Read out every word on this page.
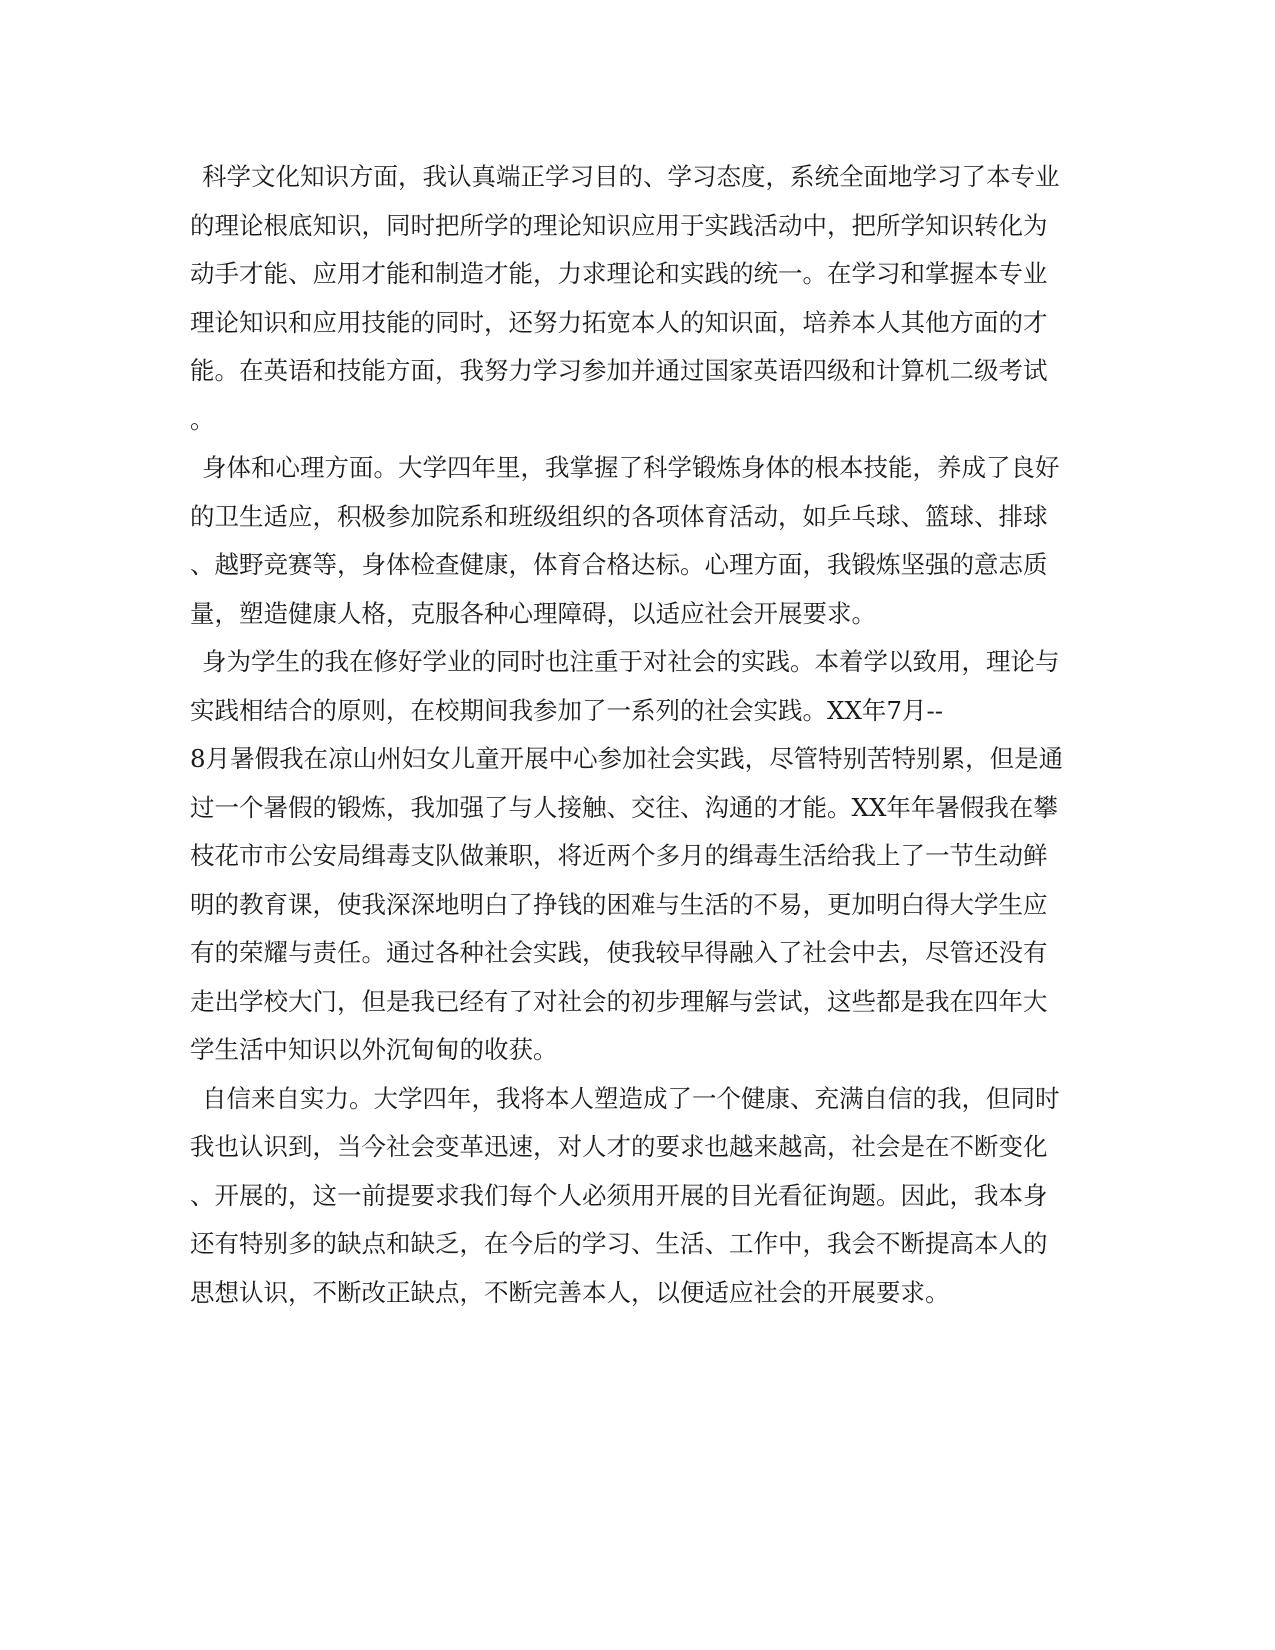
科学文化知识方面，我认真端正学习目的、学习态度，系统全面地学习了本专业
的理论根底知识，同时把所学的理论知识应用于实践活动中，把所学知识转化为
动手才能、应用才能和制造才能，力求理论和实践的统一。在学习和掌握本专业
理论知识和应用技能的同时，还努力拓宽本人的知识面，培养本人其他方面的才
能。在英语和技能方面，我努力学习参加并通过国家英语四级和计算机二级考试
。
身体和心理方面。大学四年里，我掌握了科学锻炼身体的根本技能，养成了良好
的卫生适应，积极参加院系和班级组织的各项体育活动，如乒乓球、篮球、排球
、越野竞赛等，身体检查健康，体育合格达标。心理方面，我锻炼坚强的意志质
量，塑造健康人格，克服各种心理障碍，以适应社会开展要求。
身为学生的我在修好学业的同时也注重于对社会的实践。本着学以致用，理论与
实践相结合的原则，在校期间我参加了一系列的社会实践。XX年7月--
8月暑假我在凉山州妇女儿童开展中心参加社会实践，尽管特别苦特别累，但是通
过一个暑假的锻炼，我加强了与人接触、交往、沟通的才能。XX年年暑假我在攀
枝花市市公安局缉毒支队做兼职，将近两个多月的缉毒生活给我上了一节生动鲜
明的教育课，使我深深地明白了挣钱的困难与生活的不易，更加明白得大学生应
有的荣耀与责任。通过各种社会实践，使我较早得融入了社会中去，尽管还没有
走出学校大门，但是我已经有了对社会的初步理解与尝试，这些都是我在四年大
学生活中知识以外沉甸甸的收获。
自信来自实力。大学四年，我将本人塑造成了一个健康、充满自信的我，但同时
我也认识到，当今社会变革迅速，对人才的要求也越来越高，社会是在不断变化
、开展的，这一前提要求我们每个人必须用开展的目光看征询题。因此，我本身
还有特别多的缺点和缺乏，在今后的学习、生活、工作中，我会不断提高本人的
思想认识，不断改正缺点，不断完善本人，以便适应社会的开展要求。
